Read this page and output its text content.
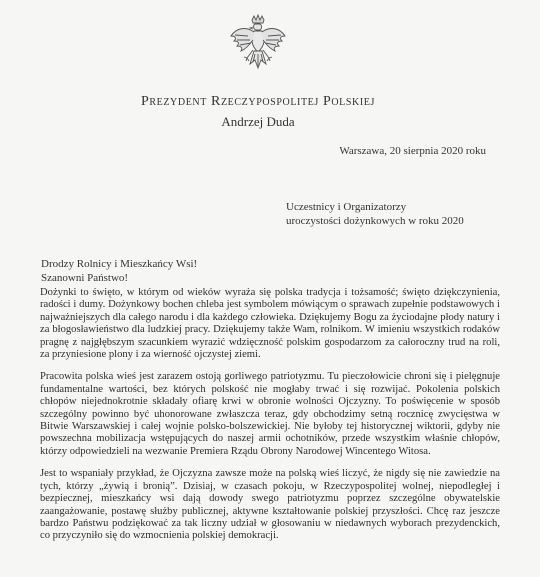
Prezydent Rzeczypospolitej Polskiej
Andrzej Duda
Warszawa, 20 sierpnia 2020 roku
Uczestnicy i Organizatorzy
uroczystości dożynkowych w roku 2020
Drodzy Rolnicy i Mieszkańcy Wsi!
Szanowni Państwo!

Dożynki to święto, w którym od wieków wyraża się polska tradycja i tożsamość; święto dziękczynienia, radości i dumy. Dożynkowy bochen chleba jest symbolem mówiącym o sprawach zupełnie podstawowych i najważniejszych dla całego narodu i dla każdego człowieka. Dziękujemy Bogu za życiodajne płody natury i za błogosławieństwo dla ludzkiej pracy. Dziękujemy także Wam, rolnikom. W imieniu wszystkich rodaków pragnę z najgłębszym szacunkiem wyrazić wdzięczność polskim gospodarzom za całoroczny trud na roli, za przyniesione plony i za wierność ojczystej ziemi.

Pracowita polska wieś jest zarazem ostoją gorliwego patriotyzmu. Tu pieczołowicie chroni się i pielęgnuje fundamentalne wartości, bez których polskość nie mogłaby trwać i się rozwijać. Pokolenia polskich chłopów niejednokrotnie składały ofiarę krwi w obronie wolności Ojczyzny. To poświęcenie w sposób szczególny powinno być uhonorowane zwłaszcza teraz, gdy obchodzimy setną rocznicę zwycięstwa w Bitwie Warszawskiej i całej wojnie polsko-bolszewickiej. Nie byłoby tej historycznej wiktorii, gdyby nie powszechna mobilizacja wstępujących do naszej armii ochotników, przede wszystkim właśnie chłopów, którzy odpowiedzieli na wezwanie Premiera Rządu Obrony Narodowej Wincentego Witosa.

Jest to wspaniały przykład, że Ojczyzna zawsze może na polską wieś liczyć, że nigdy się nie zawiedzie na tych, którzy „żywią i bronią”. Dzisiaj, w czasach pokoju, w Rzeczypospolitej wolnej, niepodległej i bezpiecznej, mieszkańcy wsi dają dowody swego patriotyzmu poprzez szczególne obywatelskie zaangażowanie, postawę służby publicznej, aktywne kształtowanie polskiej przyszłości. Chcę raz jeszcze bardzo Państwu podziękować za tak liczny udział w głosowaniu w niedawnych wyborach prezydenckich, co przyczyniło się do wzmocnienia polskiej demokracji.
